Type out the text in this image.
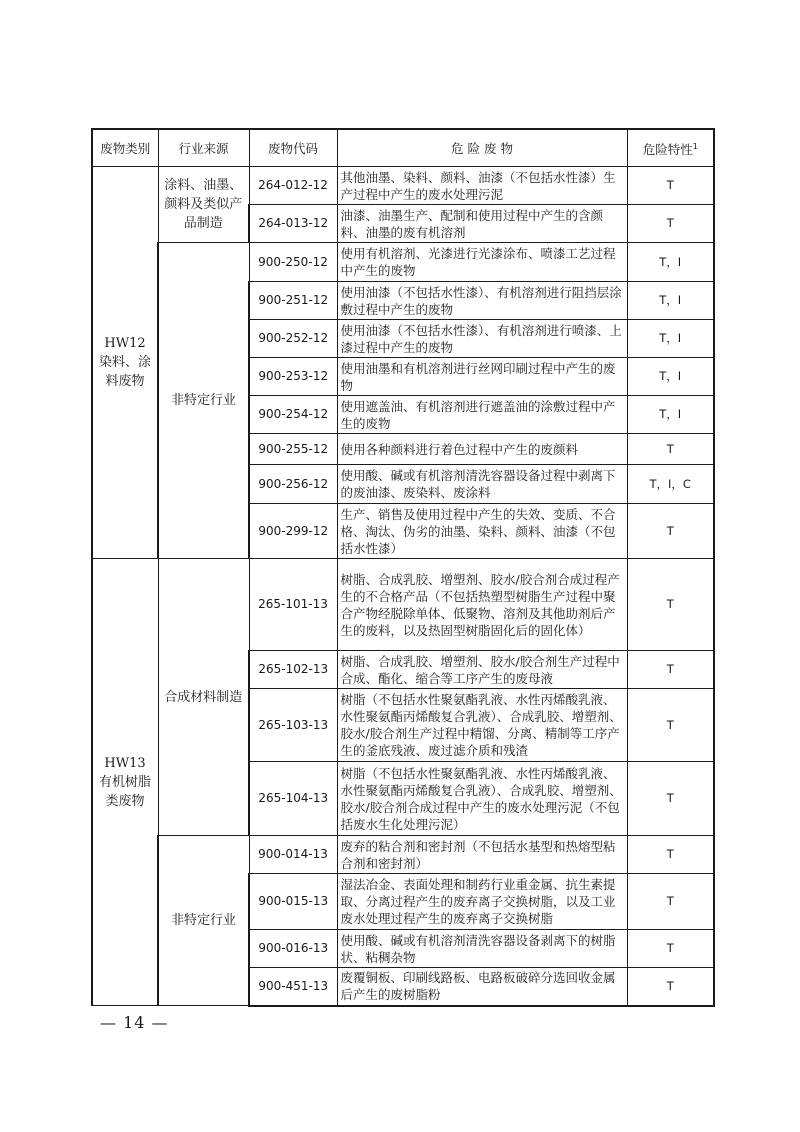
废物类别	行业来源	废物代码	危 险 废 物	危险特性$^1$

HW12
染料、涂
料废物	涂料、油墨、颜料及类似产品制造	264-012-12	其他油墨、染料、颜料、油漆（不包括水性漆）生产过程中产生的废水处理污泥	T
		264-013-12	油漆、油墨生产、配制和使用过程中产生的含颜料、油墨的废有机溶剂	T
	非特定行业	900-250-12	使用有机溶剂、光漆进行光漆涂布、喷漆工艺过程中产生的废物	T，I
		900-251-12	使用油漆（不包括水性漆）、有机溶剂进行阻挡层涂敷过程中产生的废物	T，I
		900-252-12	使用油漆（不包括水性漆）、有机溶剂进行喷漆、上漆过程中产生的废物	T，I
		900-253-12	使用油墨和有机溶剂进行丝网印刷过程中产生的废物	T，I
		900-254-12	使用遮盖油、有机溶剂进行遮盖油的涂敷过程中产生的废物	T，I
		900-255-12	使用各种颜料进行着色过程中产生的废颜料	T
		900-256-12	使用酸、碱或有机溶剂清洗容器设备过程中剥离下的废油漆、废染料、废涂料	T，I，C
		900-299-12	生产、销售及使用过程中产生的失效、变质、不合格、淘汰、伪劣的油墨、染料、颜料、油漆（不包括水性漆）	T

HW13
有机树脂
类废物	合成材料制造	265-101-13	树脂、合成乳胶、增塑剂、胶水/胶合剂合成过程产生的不合格产品（不包括热塑型树脂生产过程中聚合产物经脱除单体、低聚物、溶剂及其他助剂后产生的废料，以及热固型树脂固化后的固化体）	T
		265-102-13	树脂、合成乳胶、增塑剂、胶水/胶合剂生产过程中合成、酯化、缩合等工序产生的废母液	T
		265-103-13	树脂（不包括水性聚氨酯乳液、水性丙烯酸乳液、水性聚氨酯丙烯酸复合乳液）、合成乳胶、增塑剂、胶水/胶合剂生产过程中精馏、分离、精制等工序产生的釜底残液、废过滤介质和残渣	T
		265-104-13	树脂（不包括水性聚氨酯乳液、水性丙烯酸乳液、水性聚氨酯丙烯酸复合乳液）、合成乳胶、增塑剂、胶水/胶合剂合成过程中产生的废水处理污泥（不包括废水生化处理污泥）	T
	非特定行业	900-014-13	废弃的粘合剂和密封剂（不包括水基型和热熔型粘合剂和密封剂）	T
		900-015-13	湿法冶金、表面处理和制药行业重金属、抗生素提取、分离过程产生的废弃离子交换树脂，以及工业废水处理过程产生的废弃离子交换树脂	T
		900-016-13	使用酸、碱或有机溶剂清洗容器设备剥离下的树脂状、粘稠杂物	T
		900-451-13	废覆铜板、印刷线路板、电路板破碎分选回收金属后产生的废树脂粉	T
— 14 —
